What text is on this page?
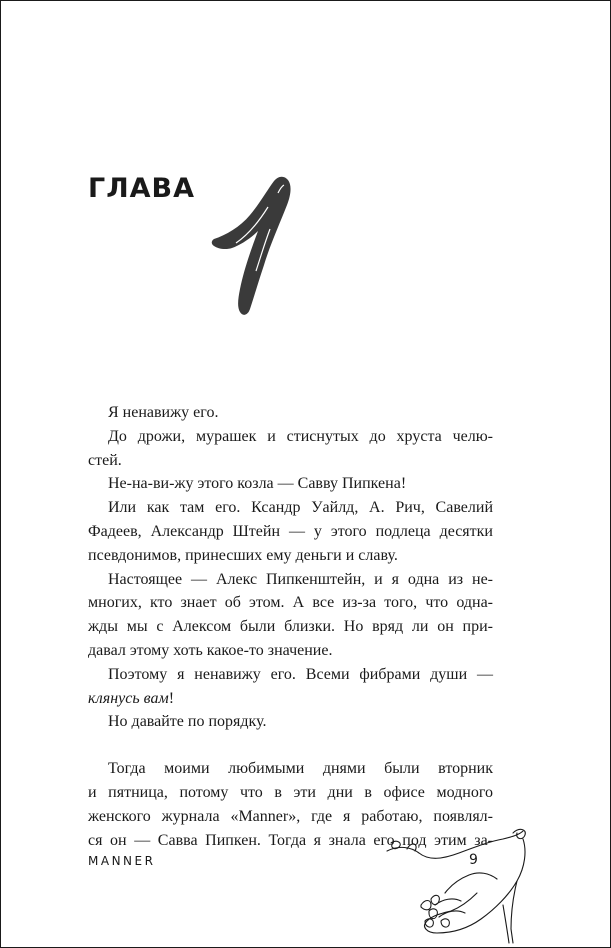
ГЛАВА
Я ненавижу его.
До дрожи, мурашек и стиснутых до хруста челю-
стей.
Не-на-ви-жу этого козла — Савву Пипкена!
Или как там его. Ксандр Уайлд, А. Рич, Савелий
Фадеев, Александр Штейн — у этого подлеца десятки
псевдонимов, принесших ему деньги и славу.
Настоящее — Алекс Пипкенштейн, и я одна из не-
многих, кто знает об этом. А все из-за того, что одна-
жды мы с Алексом были близки. Но вряд ли он при-
давал этому хоть какое-то значение.
Поэтому я ненавижу его. Всеми фибрами души —
клянусь вам!
Но давайте по порядку.
Тогда моими любимыми днями были вторник
и пятница, потому что в эти дни в офисе модного
женского журнала «Manner», где я работаю, появлял-
ся он — Савва Пипкен. Тогда я знала его под этим за-
MANNER	9
